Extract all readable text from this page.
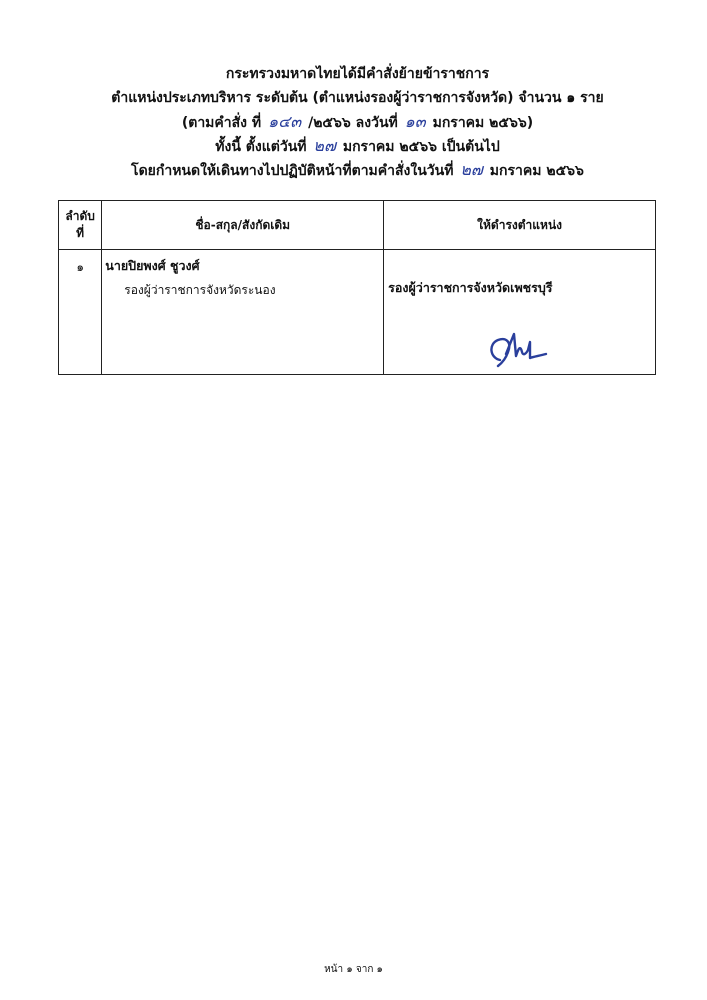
กระทรวงมหาดไทยได้มีคำสั่งย้ายข้าราชการ
ตำแหน่งประเภทบริหาร ระดับต้น (ตำแหน่งรองผู้ว่าราชการจังหวัด) จำนวน ๑ ราย
(ตามคำสั่ง ที่ ๑๔๓ /๒๕๖๖ ลงวันที่ ๑๓ มกราคม ๒๕๖๖)
ทั้งนี้ ตั้งแต่วันที่ ๒๗ มกราคม ๒๕๖๖ เป็นต้นไป
โดยกำหนดให้เดินทางไปปฏิบัติหน้าที่ตามคำสั่งในวันที่ ๒๗ มกราคม ๒๕๖๖
ลำดับ
ที่	ชื่อ-สกุล/สังกัดเดิม	ให้ดำรงตำแหน่ง
๑	นายปิยพงศ์ ชูวงศ์
รองผู้ว่าราชการจังหวัดระนอง	รองผู้ว่าราชการจังหวัดเพชรบุรี
หน้า ๑ จาก ๑
